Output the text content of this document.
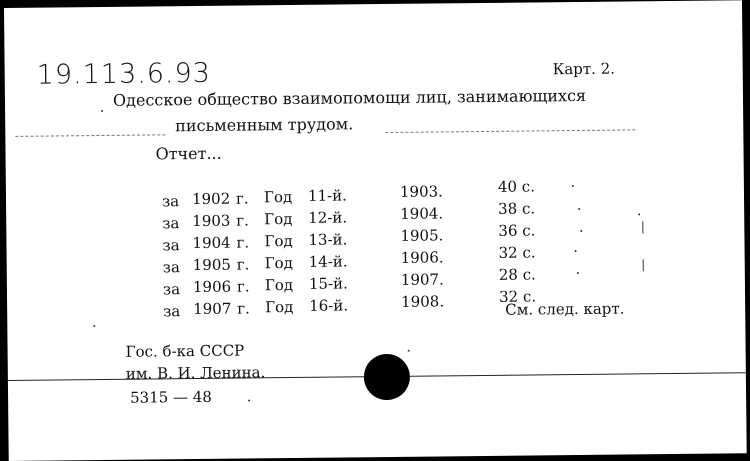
19.113.6.93	Карт. 2.
Одесское общество взаимопомощи лиц, занимающихся
письменным трудом.
Отчет...
за 1902 г. Год 11-й.	1903.	40 с.
за 1903 г. Год 12-й.	1904.	38 с.
за 1904 г. Год 13-й.	1905.	36 с.
за 1905 г. Год 14-й.	1906.	32 с.
за 1906 г. Год 15-й.	1907.	28 с.
за 1907 г. Год 16-й.	1908.	32 с.
См. след. карт.
Гос. б-ка СССР
им. В. И. Ленина.
5315 — 48
